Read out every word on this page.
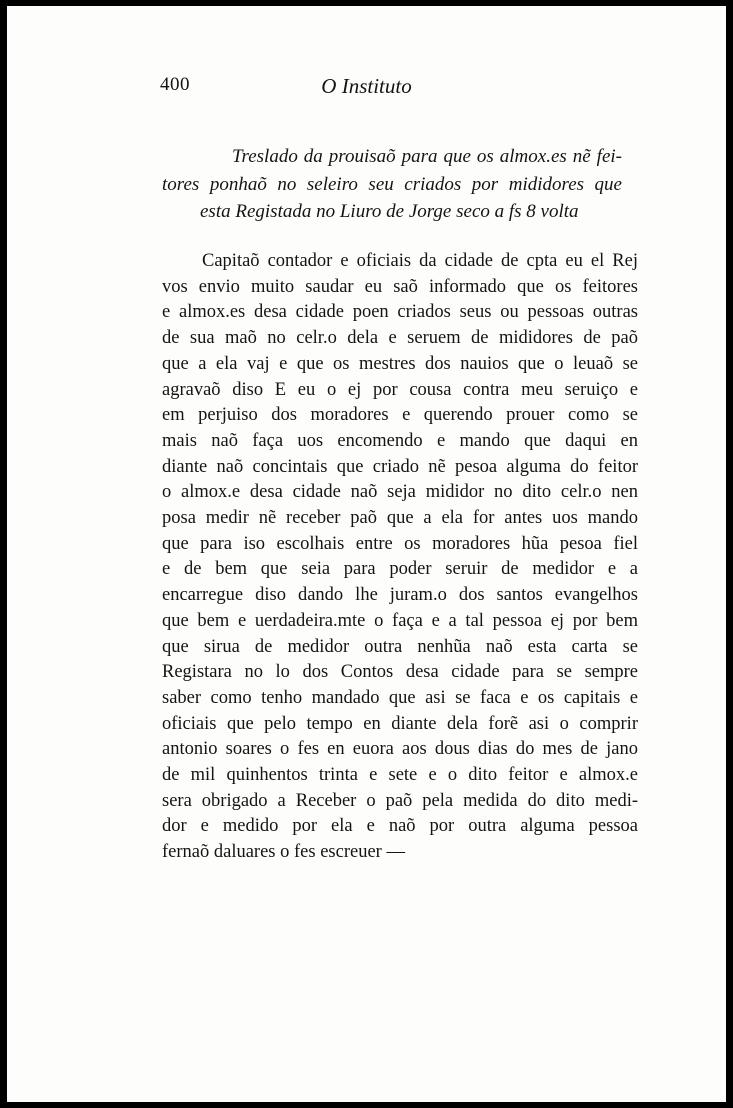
400	O Instituto
Treslado da prouisaõ para que os almox.es nẽ fei-
tores ponhaõ no seleiro seu criados por mididores que
esta Registada no Liuro de Jorge seco a fs 8 volta
Capitaõ contador e oficiais da cidade de cpta eu el Rej
vos envio muito saudar eu saõ informado que os feitores
e almox.es desa cidade poen criados seus ou pessoas outras
de sua maõ no celr.o dela e seruem de mididores de paõ
que a ela vaj e que os mestres dos nauios que o leuaõ se
agravaõ diso E eu o ej por cousa contra meu seruiço e
em perjuiso dos moradores e querendo prouer como se
mais naõ faça uos encomendo e mando que daqui en
diante naõ concintais que criado nẽ pesoa alguma do feitor
o almox.e desa cidade naõ seja mididor no dito celr.o nen
posa medir nẽ receber paõ que a ela for antes uos mando
que para iso escolhais entre os moradores hũa pesoa fiel
e de bem que seia para poder seruir de medidor e a
encarregue diso dando lhe juram.o dos santos evangelhos
que bem e uerdadeira.mte o faça e a tal pessoa ej por bem
que sirua de medidor outra nenhũa naõ esta carta se
Registara no lo dos Contos desa cidade para se sempre
saber como tenho mandado que asi se faca e os capitais e
oficiais que pelo tempo en diante dela forẽ asi o comprir
antonio soares o fes en euora aos dous dias do mes de jano
de mil quinhentos trinta e sete e o dito feitor e almox.e
sera obrigado a Receber o paõ pela medida do dito medi-
dor e medido por ela e naõ por outra alguma pessoa
fernaõ daluares o fes escreuer —
